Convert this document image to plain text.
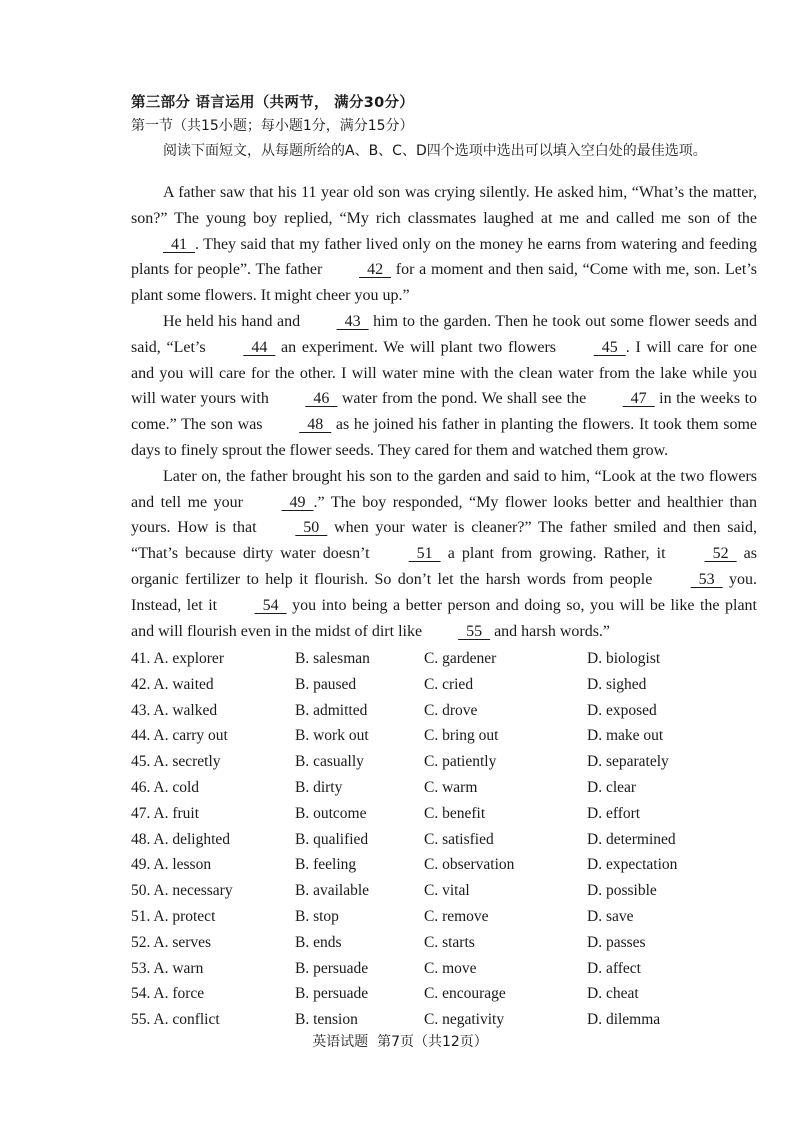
第三部分 语言运用（共两节， 满分30分）
第一节（共15小题；每小题1分，满分15分）

阅读下面短文，从每题所给的A、B、C、D四个选项中选出可以填入空白处的最佳选项。

A father saw that his 11 year old son was crying silently. He asked him, “What’s the matter, son?” The young boy replied, “My rich classmates laughed at me and called me son of the   41  . They said that my father lived only on the money he earns from watering and feeding plants for people”. The father   42   for a moment and then said, “Come with me, son. Let’s plant some flowers. It might cheer you up.”

He held his hand and   43   him to the garden. Then he took out some flower seeds and said, “Let’s   44   an experiment. We will plant two flowers   45  . I will care for one and you will care for the other. I will water mine with the clean water from the lake while you will water yours with   46   water from the pond. We shall see the   47   in the weeks to come.” The son was   48   as he joined his father in planting the flowers. It took them some days to finely sprout the flower seeds. They cared for them and watched them grow.

Later on, the father brought his son to the garden and said to him, “Look at the two flowers and tell me your   49  .” The boy responded, “My flower looks better and healthier than yours. How is that   50   when your water is cleaner?” The father smiled and then said, “That’s because dirty water doesn’t   51   a plant from growing. Rather, it   52   as organic fertilizer to help it flourish. So don’t let the harsh words from people   53   you. Instead, let it   54   you into being a better person and doing so, you will be like the plant and will flourish even in the midst of dirt like   55   and harsh words.”

41. A. explorer	B. salesman	C. gardener	D. biologist
42. A. waited	B. paused	C. cried	D. sighed
43. A. walked	B. admitted	C. drove	D. exposed
44. A. carry out	B. work out	C. bring out	D. make out
45. A. secretly	B. casually	C. patiently	D. separately
46. A. cold	B. dirty	C. warm	D. clear
47. A. fruit	B. outcome	C. benefit	D. effort
48. A. delighted	B. qualified	C. satisfied	D. determined
49. A. lesson	B. feeling	C. observation	D. expectation
50. A. necessary	B. available	C. vital	D. possible
51. A. protect	B. stop	C. remove	D. save
52. A. serves	B. ends	C. starts	D. passes
53. A. warn	B. persuade	C. move	D. affect
54. A. force	B. persuade	C. encourage	D. cheat
55. A. conflict	B. tension	C. negativity	D. dilemma
英语试题  第7页（共12页）
